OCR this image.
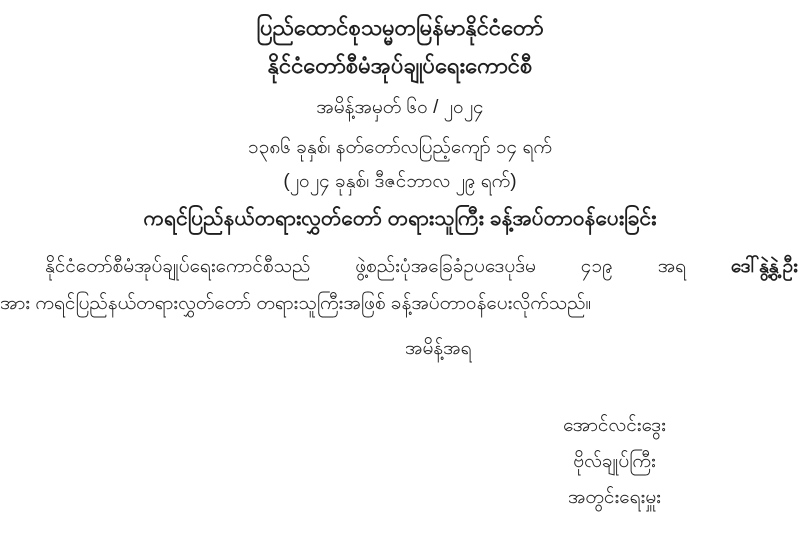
ပြည်ထောင်စုသမ္မတမြန်မာနိုင်ငံတော်
နိုင်ငံတော်စီမံအုပ်ချုပ်ရေးကောင်စီ
အမိန့်အမှတ် ၆၀ / ၂၀၂၄
၁၃၈၆ ခုနှစ်၊ နတ်တော်လပြည့်ကျော် ၁၄ ရက်
(၂၀၂၄ ခုနှစ်၊ ဒီဇင်ဘာလ ၂၉ ရက်)
ကရင်ပြည်နယ်တရားလွှတ်တော် တရားသူကြီး ခန့်အပ်တာဝန်ပေးခြင်း
နိုင်ငံတော်စီမံအုပ်ချုပ်ရေးကောင်စီသည် ဖွဲ့စည်းပုံအခြေခံဥပဒေပုဒ်မ ၄၁၉ အရ ဒေါ်နွဲ့နွဲ့ဦး
အား ကရင်ပြည်နယ်တရားလွှတ်တော် တရားသူကြီးအဖြစ် ခန့်အပ်တာဝန်ပေးလိုက်သည်။
အမိန့်အရ
အောင်လင်းဒွေး
ဗိုလ်ချုပ်ကြီး
အတွင်းရေးမှူး
